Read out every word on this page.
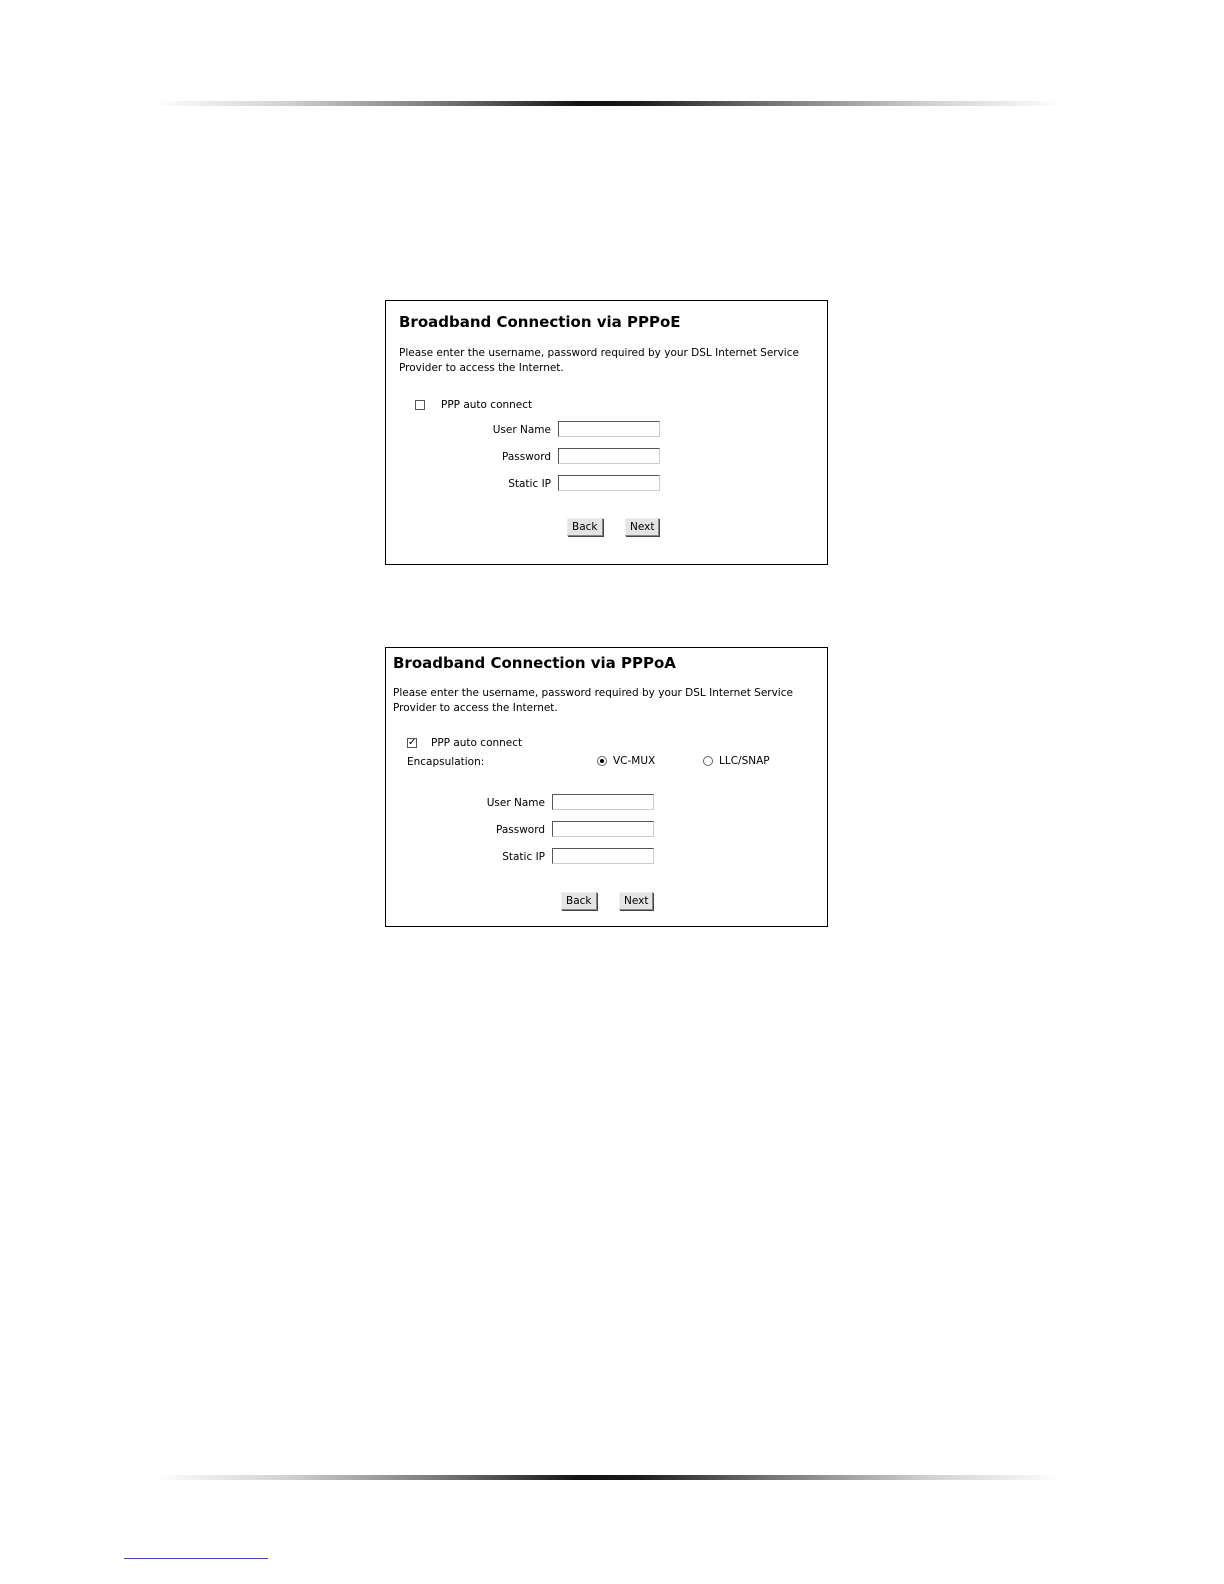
Broadband Connection via PPPoE
Please enter the username, password required by your DSL Internet Service Provider to access the Internet.
PPP auto connect
User Name
Password
Static IP
Back	Next
Broadband Connection via PPPoA
Please enter the username, password required by your DSL Internet Service Provider to access the Internet.
✓ PPP auto connect
Encapsulation:	VC-MUX	LLC/SNAP
User Name
Password
Static IP
Back	Next
